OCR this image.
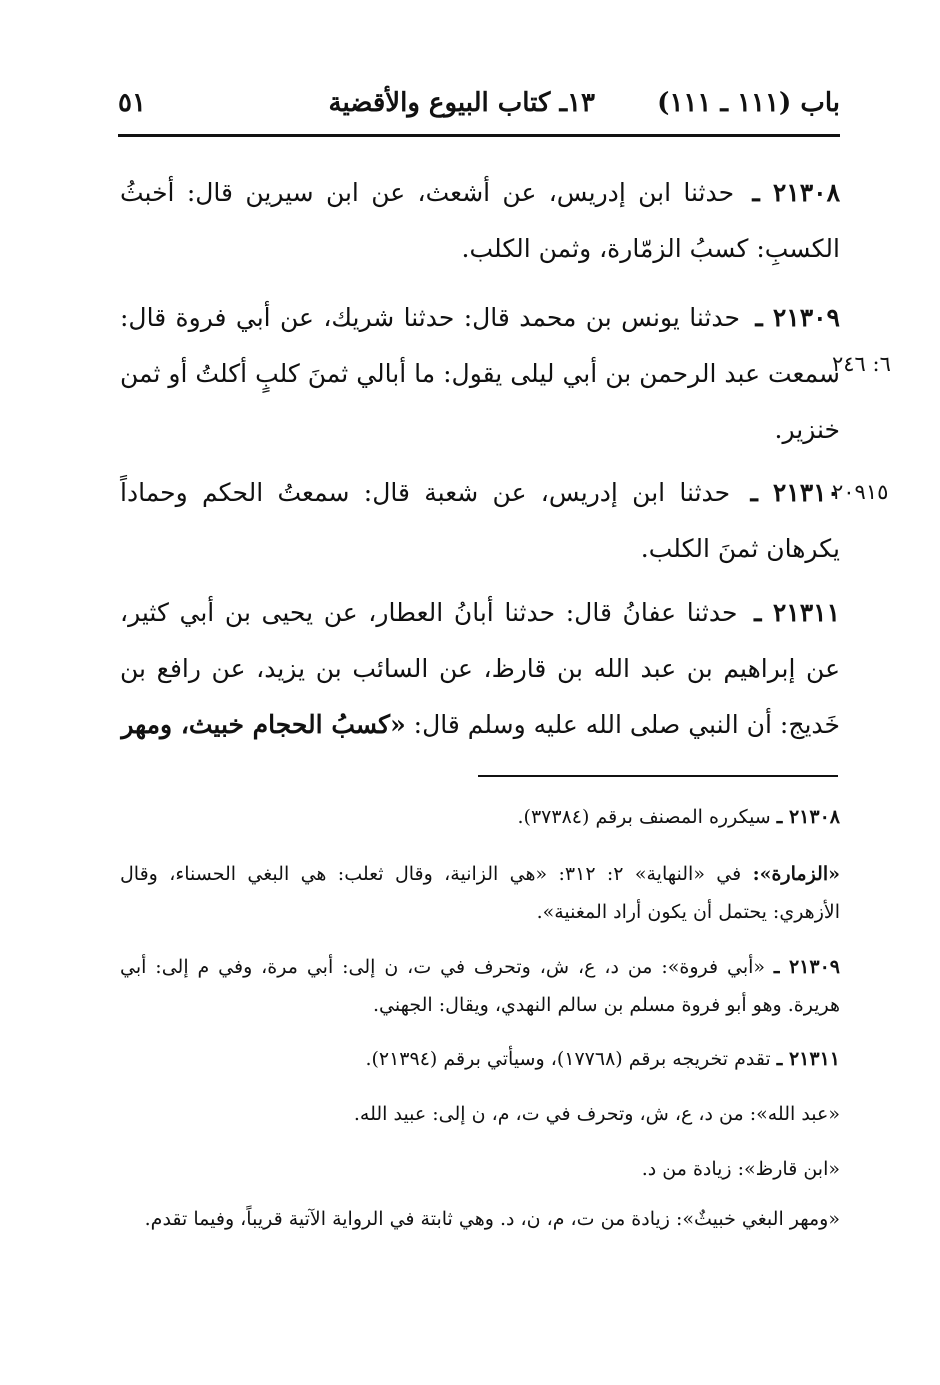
باب (١١١ ـ ١١١)
١٣ـ كتاب البيوع والأقضية
٥١
٢١٣٠٨ ـ حدثنا ابن إدريس، عن أشعث، عن ابن سيرين قال: أخبثُ الكسبِ: كسبُ الزمّارة، وثمن الكلب.
٢١٣٠٩ ـ حدثنا يونس بن محمد قال: حدثنا شريك، عن أبي فروة قال: سمعت عبد الرحمن بن أبي ليلى يقول: ما أبالي ثمنَ كلبٍ أكلتُ أو ثمن خنزير.
٦: ٢٤٦
٢١٣١٠ ـ حدثنا ابن إدريس، عن شعبة قال: سمعتُ الحكم وحماداً يكرهان ثمنَ الكلب.
٢٠٩١٥
٢١٣١١ ـ حدثنا عفانُ قال: حدثنا أبانُ العطار، عن يحيى بن أبي كثير، عن إبراهيم بن عبد الله بن قارظ، عن السائب بن يزيد، عن رافع بن خَديج: أن النبي صلى الله عليه وسلم قال: «كسبُ الحجام خبيث، ومهر
٢١٣٠٨ ـ سيكرره المصنف برقم (٣٧٣٨٤).
«الزمارة»: في «النهاية» ٢: ٣١٢: «هي الزانية، وقال ثعلب: هي البغي الحسناء، وقال الأزهري: يحتمل أن يكون أراد المغنية».
٢١٣٠٩ ـ «أبي فروة»: من د، ع، ش، وتحرف في ت، ن إلى: أبي مرة، وفي م إلى: أبي هريرة. وهو أبو فروة مسلم بن سالم النهدي، ويقال: الجهني.
٢١٣١١ ـ تقدم تخريجه برقم (١٧٧٦٨)، وسيأتي برقم (٢١٣٩٤).
«عبد الله»: من د، ع، ش، وتحرف في ت، م، ن إلى: عبيد الله.
«ابن قارظ»: زيادة من د.
«ومهر البغي خبيثٌ»: زيادة من ت، م، ن، د. وهي ثابتة في الرواية الآتية قريباً، وفيما تقدم.
